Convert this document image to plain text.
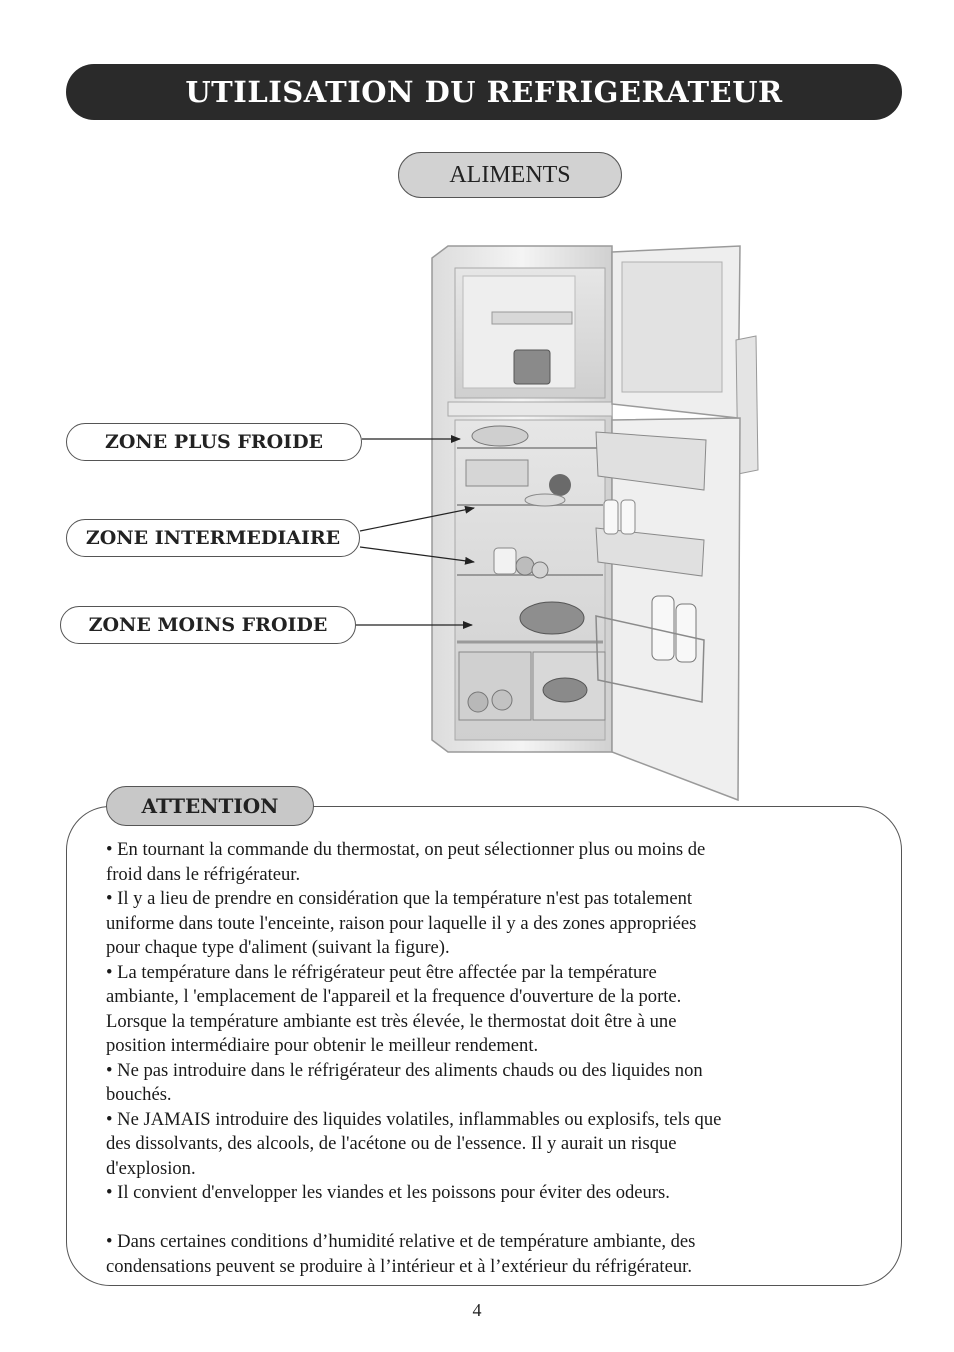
UTILISATION DU REFRIGERATEUR
ALIMENTS
ZONE PLUS FROIDE
ZONE INTERMEDIAIRE
ZONE MOINS FROIDE
ATTENTION

• En tournant la commande du thermostat, on peut sélectionner plus ou moins de

froid dans le réfrigérateur.

• Il y a lieu de prendre en considération que la température n'est pas totalement

uniforme dans toute l'enceinte, raison pour laquelle il y a des zones appropriées

pour chaque type d'aliment (suivant la figure).

• La température dans le réfrigérateur peut être affectée par la température

ambiante, l 'emplacement de l'appareil et la frequence d'ouverture de la porte.

Lorsque la température ambiante est très élevée, le thermostat doit être à une

position intermédiaire pour obtenir le meilleur rendement.

• Ne pas introduire dans le réfrigérateur des aliments chauds ou des liquides non

bouchés.

• Ne JAMAIS introduire des liquides volatiles, inflammables ou explosifs, tels que

des dissolvants, des alcools, de l'acétone ou de l'essence. Il y aurait un risque

d'explosion.

• Il convient d'envelopper les viandes et les poissons pour éviter des odeurs.

• Dans certaines conditions d’humidité relative et de température ambiante, des

condensations peuvent se produire à l’intérieur et à l’extérieur du réfrigérateur.

4
